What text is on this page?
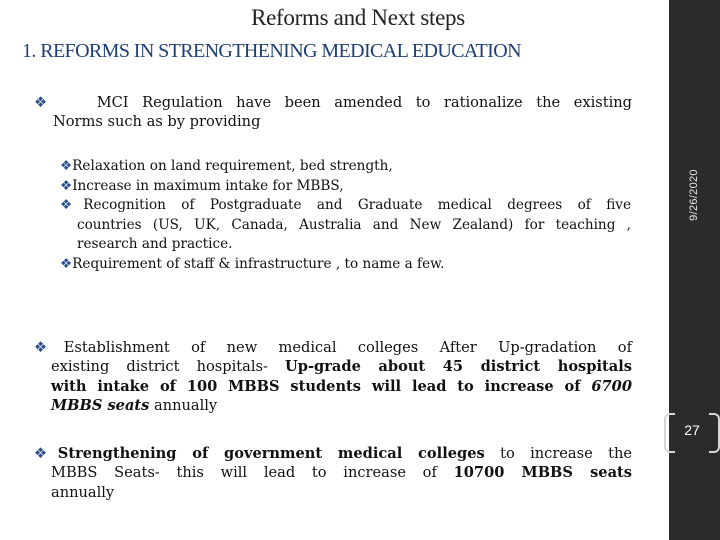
Reforms and Next steps
1. REFORMS IN STRENGTHENING MEDICAL EDUCATION
❖	MCI Regulation have been amended to rationalize the existing
Norms such as by providing
❖Relaxation on land requirement, bed strength,
❖Increase in maximum intake for MBBS,
❖Recognition of Postgraduate and Graduate medical degrees of five
countries (US, UK, Canada, Australia and New Zealand) for teaching ,
research and practice.
❖Requirement of staff & infrastructure , to name a few.
❖Establishment of new medical colleges After Up-gradation of
existing district hospitals- Up-grade about 45 district hospitals
with intake of 100 MBBS students will lead to increase of 6700
MBBS seats annually
❖Strengthening of government medical colleges to increase the
MBBS Seats- this will lead to increase of 10700 MBBS seats
annually
9/26/2020
27
